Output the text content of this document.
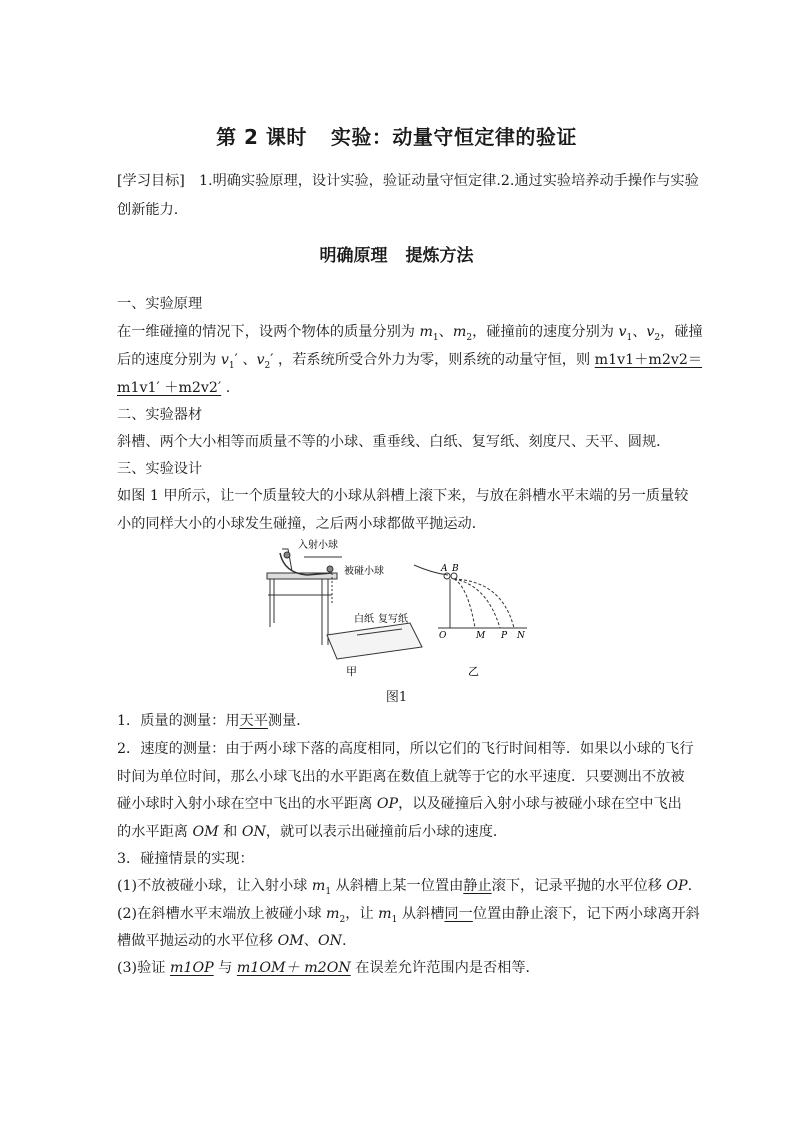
第 2 课时 实验：动量守恒定律的验证
[学习目标]　 1.明确实验原理，设计实验，验证动量守恒定律.2.通过实验培养动手操作与实验
创新能力.
明确原理 提炼方法
一、实验原理
在一维碰撞的情况下，设两个物体的质量分别为 $m_1$、$m_2$，碰撞前的速度分别为 $v_1$、$v_2$，碰撞
后的速度分别为 $v_1'$ 、$v_2'$ ，若系统所受合外力为零，则系统的动量守恒，则 m1v1＋m2v2＝
m1v1′ ＋m2v2′ .
二、实验器材
斜槽、两个大小相等而质量不等的小球、重垂线、白纸、复写纸、刻度尺、天平、圆规．
三、实验设计
如图 1 甲所示，让一个质量较大的小球从斜槽上滚下来，与放在斜槽水平末端的另一质量较
小的同样大小的小球发生碰撞，之后两小球都做平抛运动．
入射小球
被碰小球
白纸 复写纸
甲
A B
O	M P N
乙
图1
1．质量的测量：用天平测量．
2．速度的测量：由于两小球下落的高度相同，所以它们的飞行时间相等．如果以小球的飞行
时间为单位时间，那么小球飞出的水平距离在数值上就等于它的水平速度．只要测出不放被
碰小球时入射小球在空中飞出的水平距离 OP，以及碰撞后入射小球与被碰小球在空中飞出
的水平距离 OM 和 ON，就可以表示出碰撞前后小球的速度．
3．碰撞情景的实现：
(1)不放被碰小球，让入射小球 $m_1$ 从斜槽上某一位置由静止滚下，记录平抛的水平位移 OP.
(2)在斜槽水平末端放上被碰小球 $m_2$，让 $m_1$ 从斜槽同一位置由静止滚下，记下两小球离开斜
槽做平抛运动的水平位移 OM、ON.
(3)验证 m1OP 与 m1OM＋ m2ON 在误差允许范围内是否相等．
